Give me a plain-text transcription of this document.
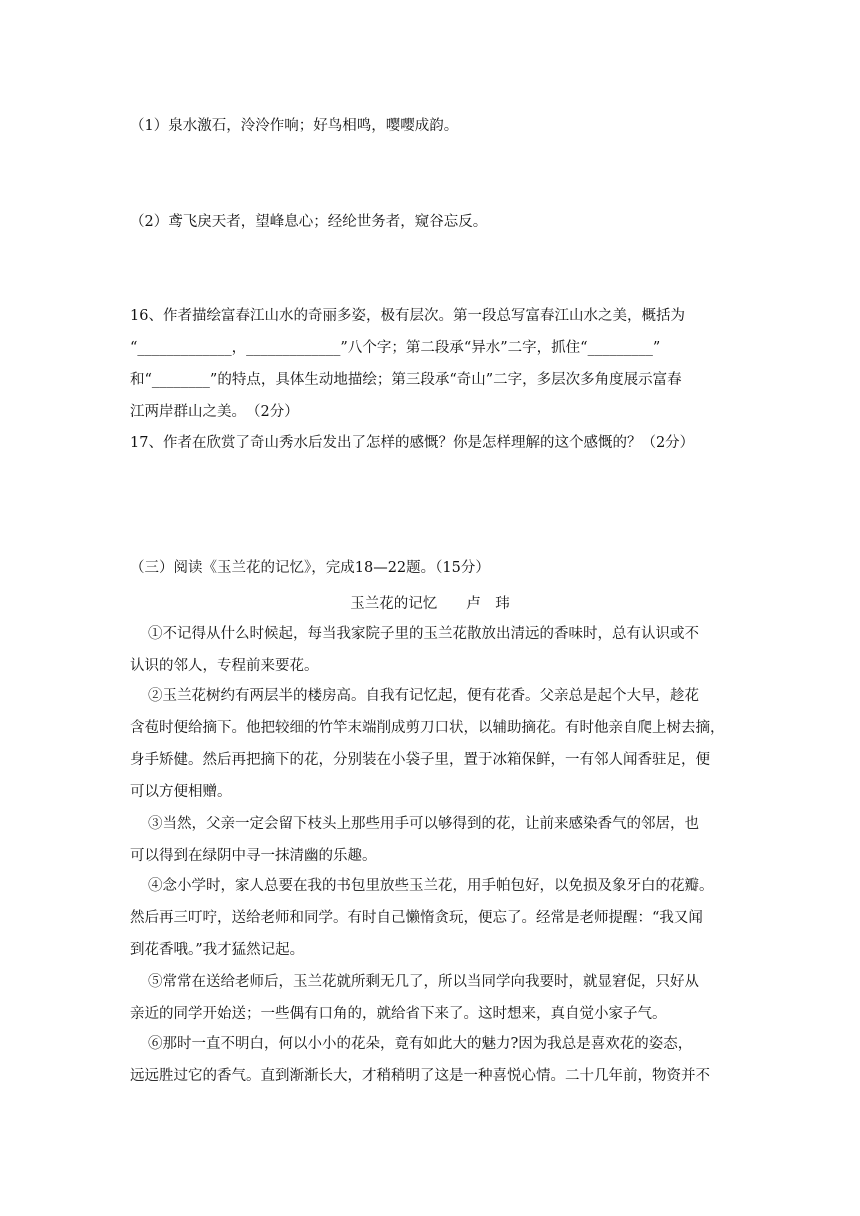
（1）泉水激石，泠泠作响；好鸟相鸣，嘤嘤成韵。
（2）鸢飞戾天者，望峰息心；经纶世务者，窥谷忘反。
16、作者描绘富春江山水的奇丽多姿，极有层次。第一段总写富春江山水之美，概括为
“_____________，_____________”八个字；第二段承“异水”二字，抓住“_________”
和“________”的特点，具体生动地描绘；第三段承“奇山”二字，多层次多角度展示富春
江两岸群山之美。　（2分）
17、作者在欣赏了奇山秀水后发出了怎样的感慨？你是怎样理解的这个感慨的？（2分）
（三）阅读《玉兰花的记忆》，完成18—22题。（15分）
玉兰花的记忆　　卢　玮
①不记得从什么时候起，每当我家院子里的玉兰花散放出清远的香味时，总有认识或不
认识的邻人，专程前来要花。
②玉兰花树约有两层半的楼房高。自我有记忆起，便有花香。父亲总是起个大早，趁花
含苞时便给摘下。他把较细的竹竿末端削成剪刀口状，以辅助摘花。有时他亲自爬上树去摘，
身手矫健。然后再把摘下的花，分别装在小袋子里，置于冰箱保鲜，一有邻人闻香驻足，便
可以方便相赠。
③当然，父亲一定会留下枝头上那些用手可以够得到的花，让前来感染香气的邻居，也
可以得到在绿阴中寻一抹清幽的乐趣。
④念小学时，家人总要在我的书包里放些玉兰花，用手帕包好，以免损及象牙白的花瓣。
然后再三叮咛，送给老师和同学。有时自己懒惰贪玩，便忘了。经常是老师提醒：“我又闻
到花香哦。”我才猛然记起。
⑤常常在送给老师后，玉兰花就所剩无几了，所以当同学向我要时，就显窘促，只好从
亲近的同学开始送；一些偶有口角的，就给省下来了。这时想来，真自觉小家子气。
⑥那时一直不明白，何以小小的花朵，竟有如此大的魅力?因为我总是喜欢花的姿态，
远远胜过它的香气。直到渐渐长大，才稍稍明了这是一种喜悦心情。二十几年前，物资并不
